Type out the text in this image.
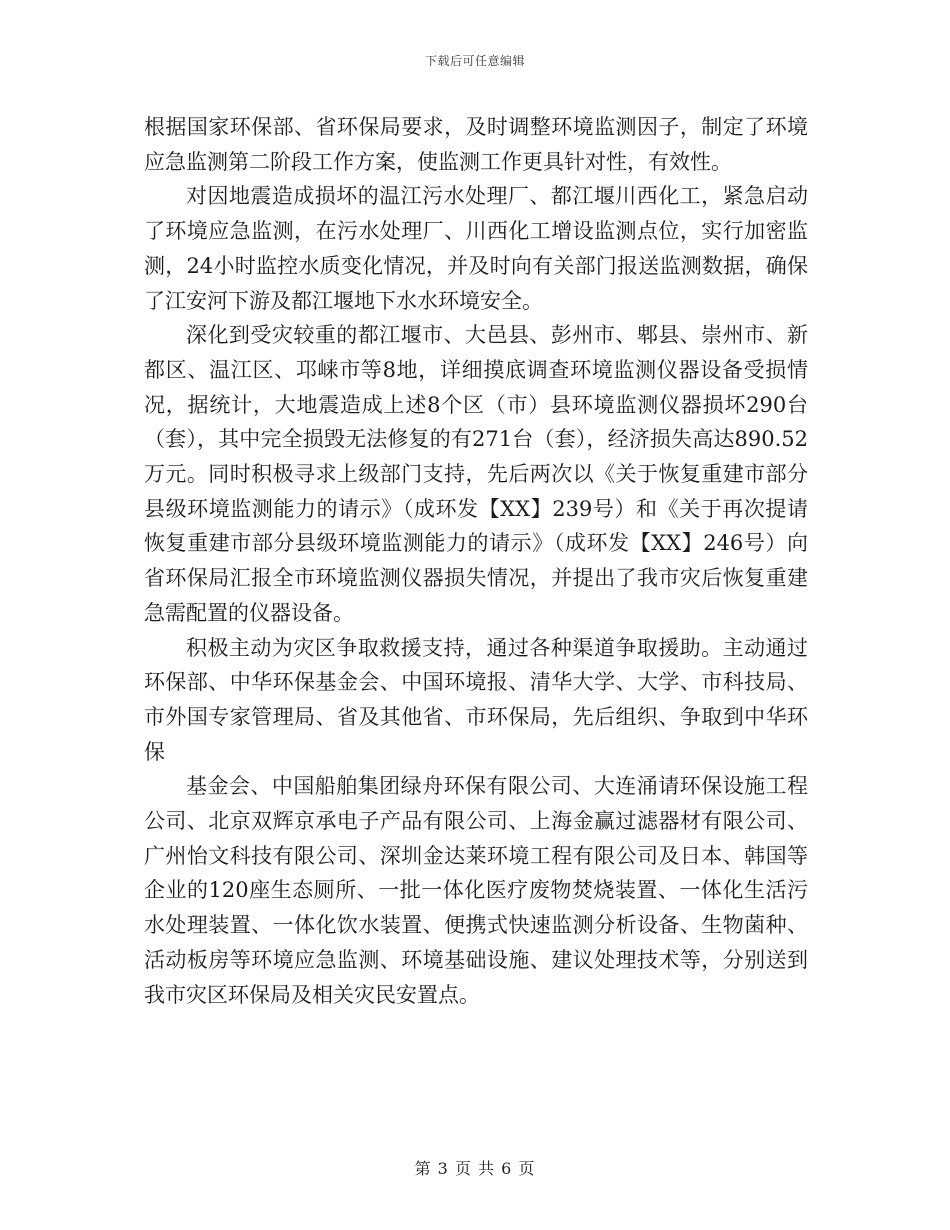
下载后可任意编辑

根据国家环保部、省环保局要求，及时调整环境监测因子，制定了环境应急监测第二阶段工作方案，使监测工作更具针对性，有效性。

对因地震造成损坏的温江污水处理厂、都江堰川西化工，紧急启动了环境应急监测，在污水处理厂、川西化工增设监测点位，实行加密监测，24小时监控水质变化情况，并及时向有关部门报送监测数据，确保了江安河下游及都江堰地下水水环境安全。

深化到受灾较重的都江堰市、大邑县、彭州市、郫县、崇州市、新都区、温江区、邛崃市等8地，详细摸底调查环境监测仪器设备受损情况，据统计，大地震造成上述8个区（市）县环境监测仪器损坏290台（套），其中完全损毁无法修复的有271台（套），经济损失高达890.52万元。同时积极寻求上级部门支持，先后两次以《关于恢复重建市部分县级环境监测能力的请示》（成环发【XX】239号）和《关于再次提请恢复重建市部分县级环境监测能力的请示》（成环发【XX】246号）向省环保局汇报全市环境监测仪器损失情况，并提出了我市灾后恢复重建急需配置的仪器设备。

积极主动为灾区争取救援支持，通过各种渠道争取援助。主动通过环保部、中华环保基金会、中国环境报、清华大学、大学、市科技局、市外国专家管理局、省及其他省、市环保局，先后组织、争取到中华环保

基金会、中国船舶集团绿舟环保有限公司、大连涌请环保设施工程公司、北京双辉京承电子产品有限公司、上海金赢过滤器材有限公司、广州怡文科技有限公司、深圳金达莱环境工程有限公司及日本、韩国等企业的120座生态厕所、一批一体化医疗废物焚烧装置、一体化生活污水处理装置、一体化饮水装置、便携式快速监测分析设备、生物菌种、活动板房等环境应急监测、环境基础设施、建议处理技术等，分别送到我市灾区环保局及相关灾民安置点。

第 3 页 共 6 页
